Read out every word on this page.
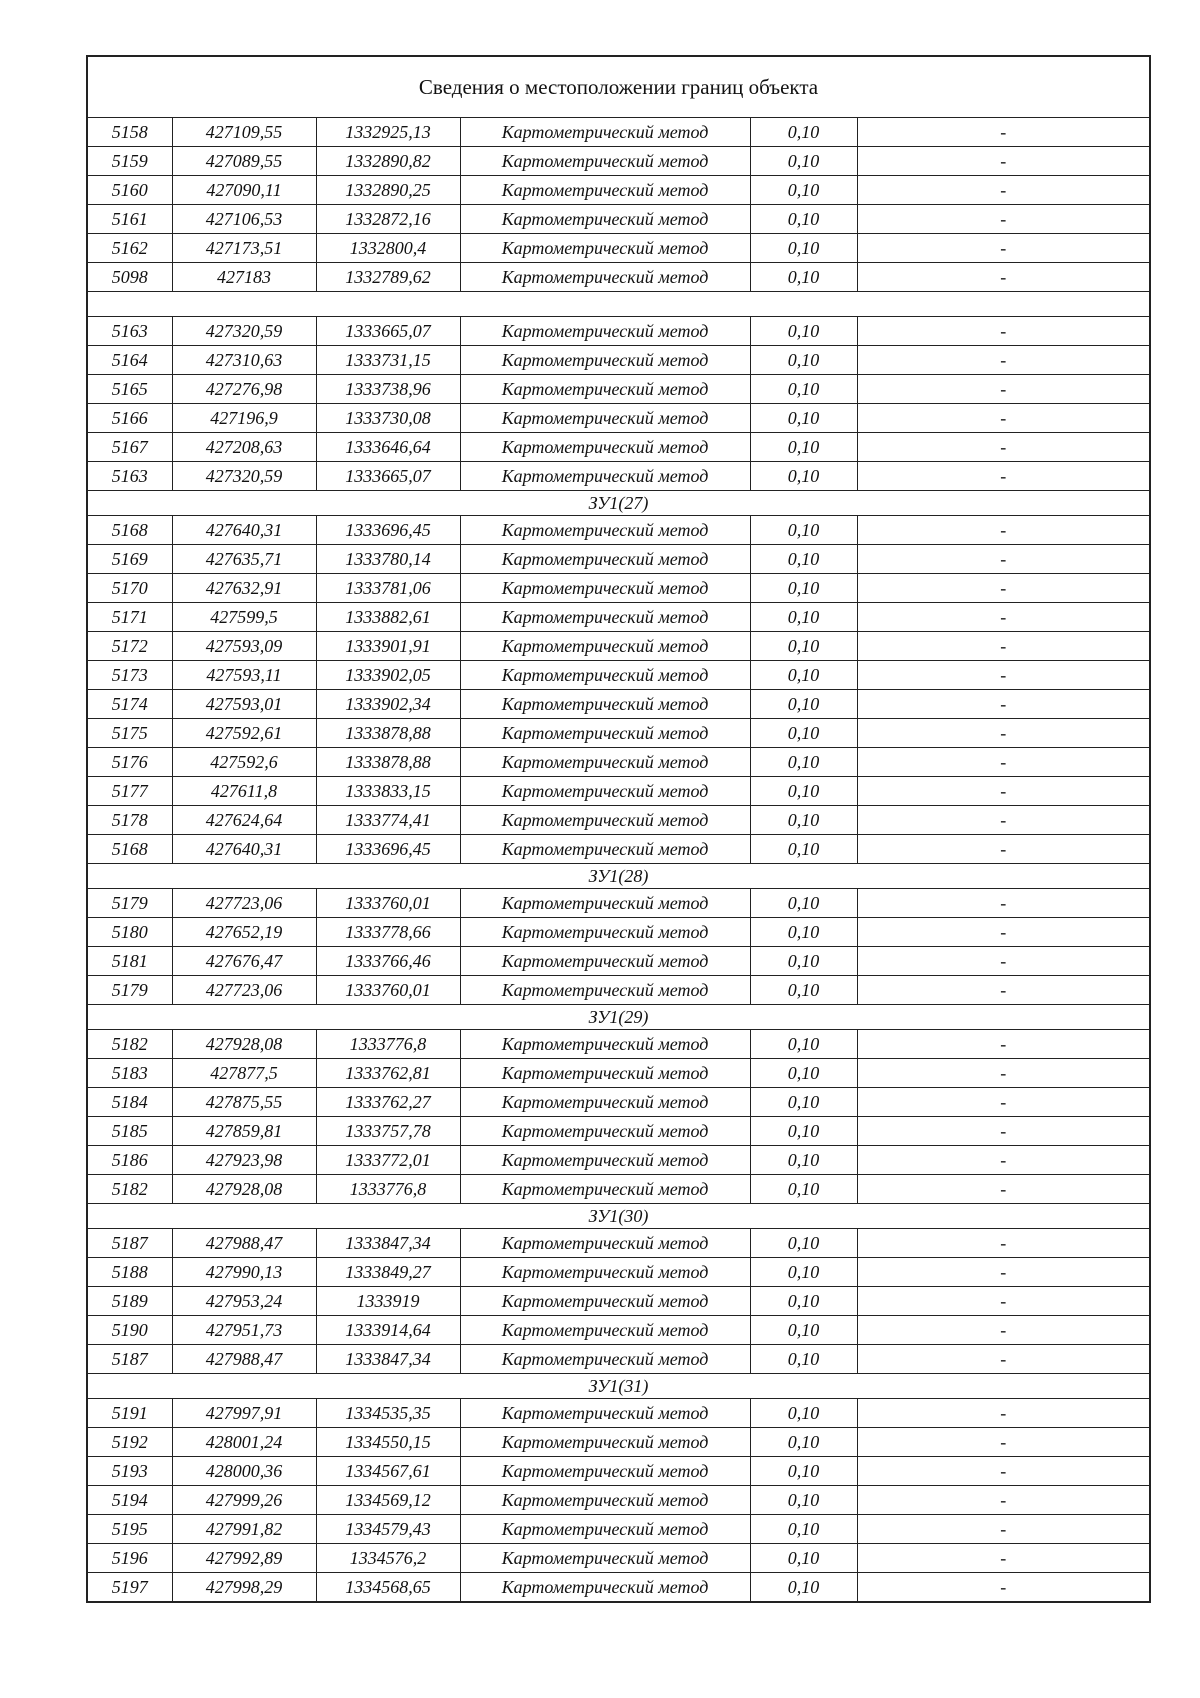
Сведения о местоположении границ объекта					
5158	427109,55	1332925,13	Картометрический метод	0,10	-
5159	427089,55	1332890,82	Картометрический метод	0,10	-
5160	427090,11	1332890,25	Картометрический метод	0,10	-
5161	427106,53	1332872,16	Картометрический метод	0,10	-
5162	427173,51	1332800,4	Картометрический метод	0,10	-
5098	427183	1332789,62	Картометрический метод	0,10	-

5163	427320,59	1333665,07	Картометрический метод	0,10	-
5164	427310,63	1333731,15	Картометрический метод	0,10	-
5165	427276,98	1333738,96	Картометрический метод	0,10	-
5166	427196,9	1333730,08	Картометрический метод	0,10	-
5167	427208,63	1333646,64	Картометрический метод	0,10	-
5163	427320,59	1333665,07	Картометрический метод	0,10	-
ЗУ1(27)					
5168	427640,31	1333696,45	Картометрический метод	0,10	-
5169	427635,71	1333780,14	Картометрический метод	0,10	-
5170	427632,91	1333781,06	Картометрический метод	0,10	-
5171	427599,5	1333882,61	Картометрический метод	0,10	-
5172	427593,09	1333901,91	Картометрический метод	0,10	-
5173	427593,11	1333902,05	Картометрический метод	0,10	-
5174	427593,01	1333902,34	Картометрический метод	0,10	-
5175	427592,61	1333878,88	Картометрический метод	0,10	-
5176	427592,6	1333878,88	Картометрический метод	0,10	-
5177	427611,8	1333833,15	Картометрический метод	0,10	-
5178	427624,64	1333774,41	Картометрический метод	0,10	-
5168	427640,31	1333696,45	Картометрический метод	0,10	-
ЗУ1(28)					
5179	427723,06	1333760,01	Картометрический метод	0,10	-
5180	427652,19	1333778,66	Картометрический метод	0,10	-
5181	427676,47	1333766,46	Картометрический метод	0,10	-
5179	427723,06	1333760,01	Картометрический метод	0,10	-
ЗУ1(29)					
5182	427928,08	1333776,8	Картометрический метод	0,10	-
5183	427877,5	1333762,81	Картометрический метод	0,10	-
5184	427875,55	1333762,27	Картометрический метод	0,10	-
5185	427859,81	1333757,78	Картометрический метод	0,10	-
5186	427923,98	1333772,01	Картометрический метод	0,10	-
5182	427928,08	1333776,8	Картометрический метод	0,10	-
ЗУ1(30)					
5187	427988,47	1333847,34	Картометрический метод	0,10	-
5188	427990,13	1333849,27	Картометрический метод	0,10	-
5189	427953,24	1333919	Картометрический метод	0,10	-
5190	427951,73	1333914,64	Картометрический метод	0,10	-
5187	427988,47	1333847,34	Картометрический метод	0,10	-
ЗУ1(31)					
5191	427997,91	1334535,35	Картометрический метод	0,10	-
5192	428001,24	1334550,15	Картометрический метод	0,10	-
5193	428000,36	1334567,61	Картометрический метод	0,10	-
5194	427999,26	1334569,12	Картометрический метод	0,10	-
5195	427991,82	1334579,43	Картометрический метод	0,10	-
5196	427992,89	1334576,2	Картометрический метод	0,10	-
5197	427998,29	1334568,65	Картометрический метод	0,10	-
